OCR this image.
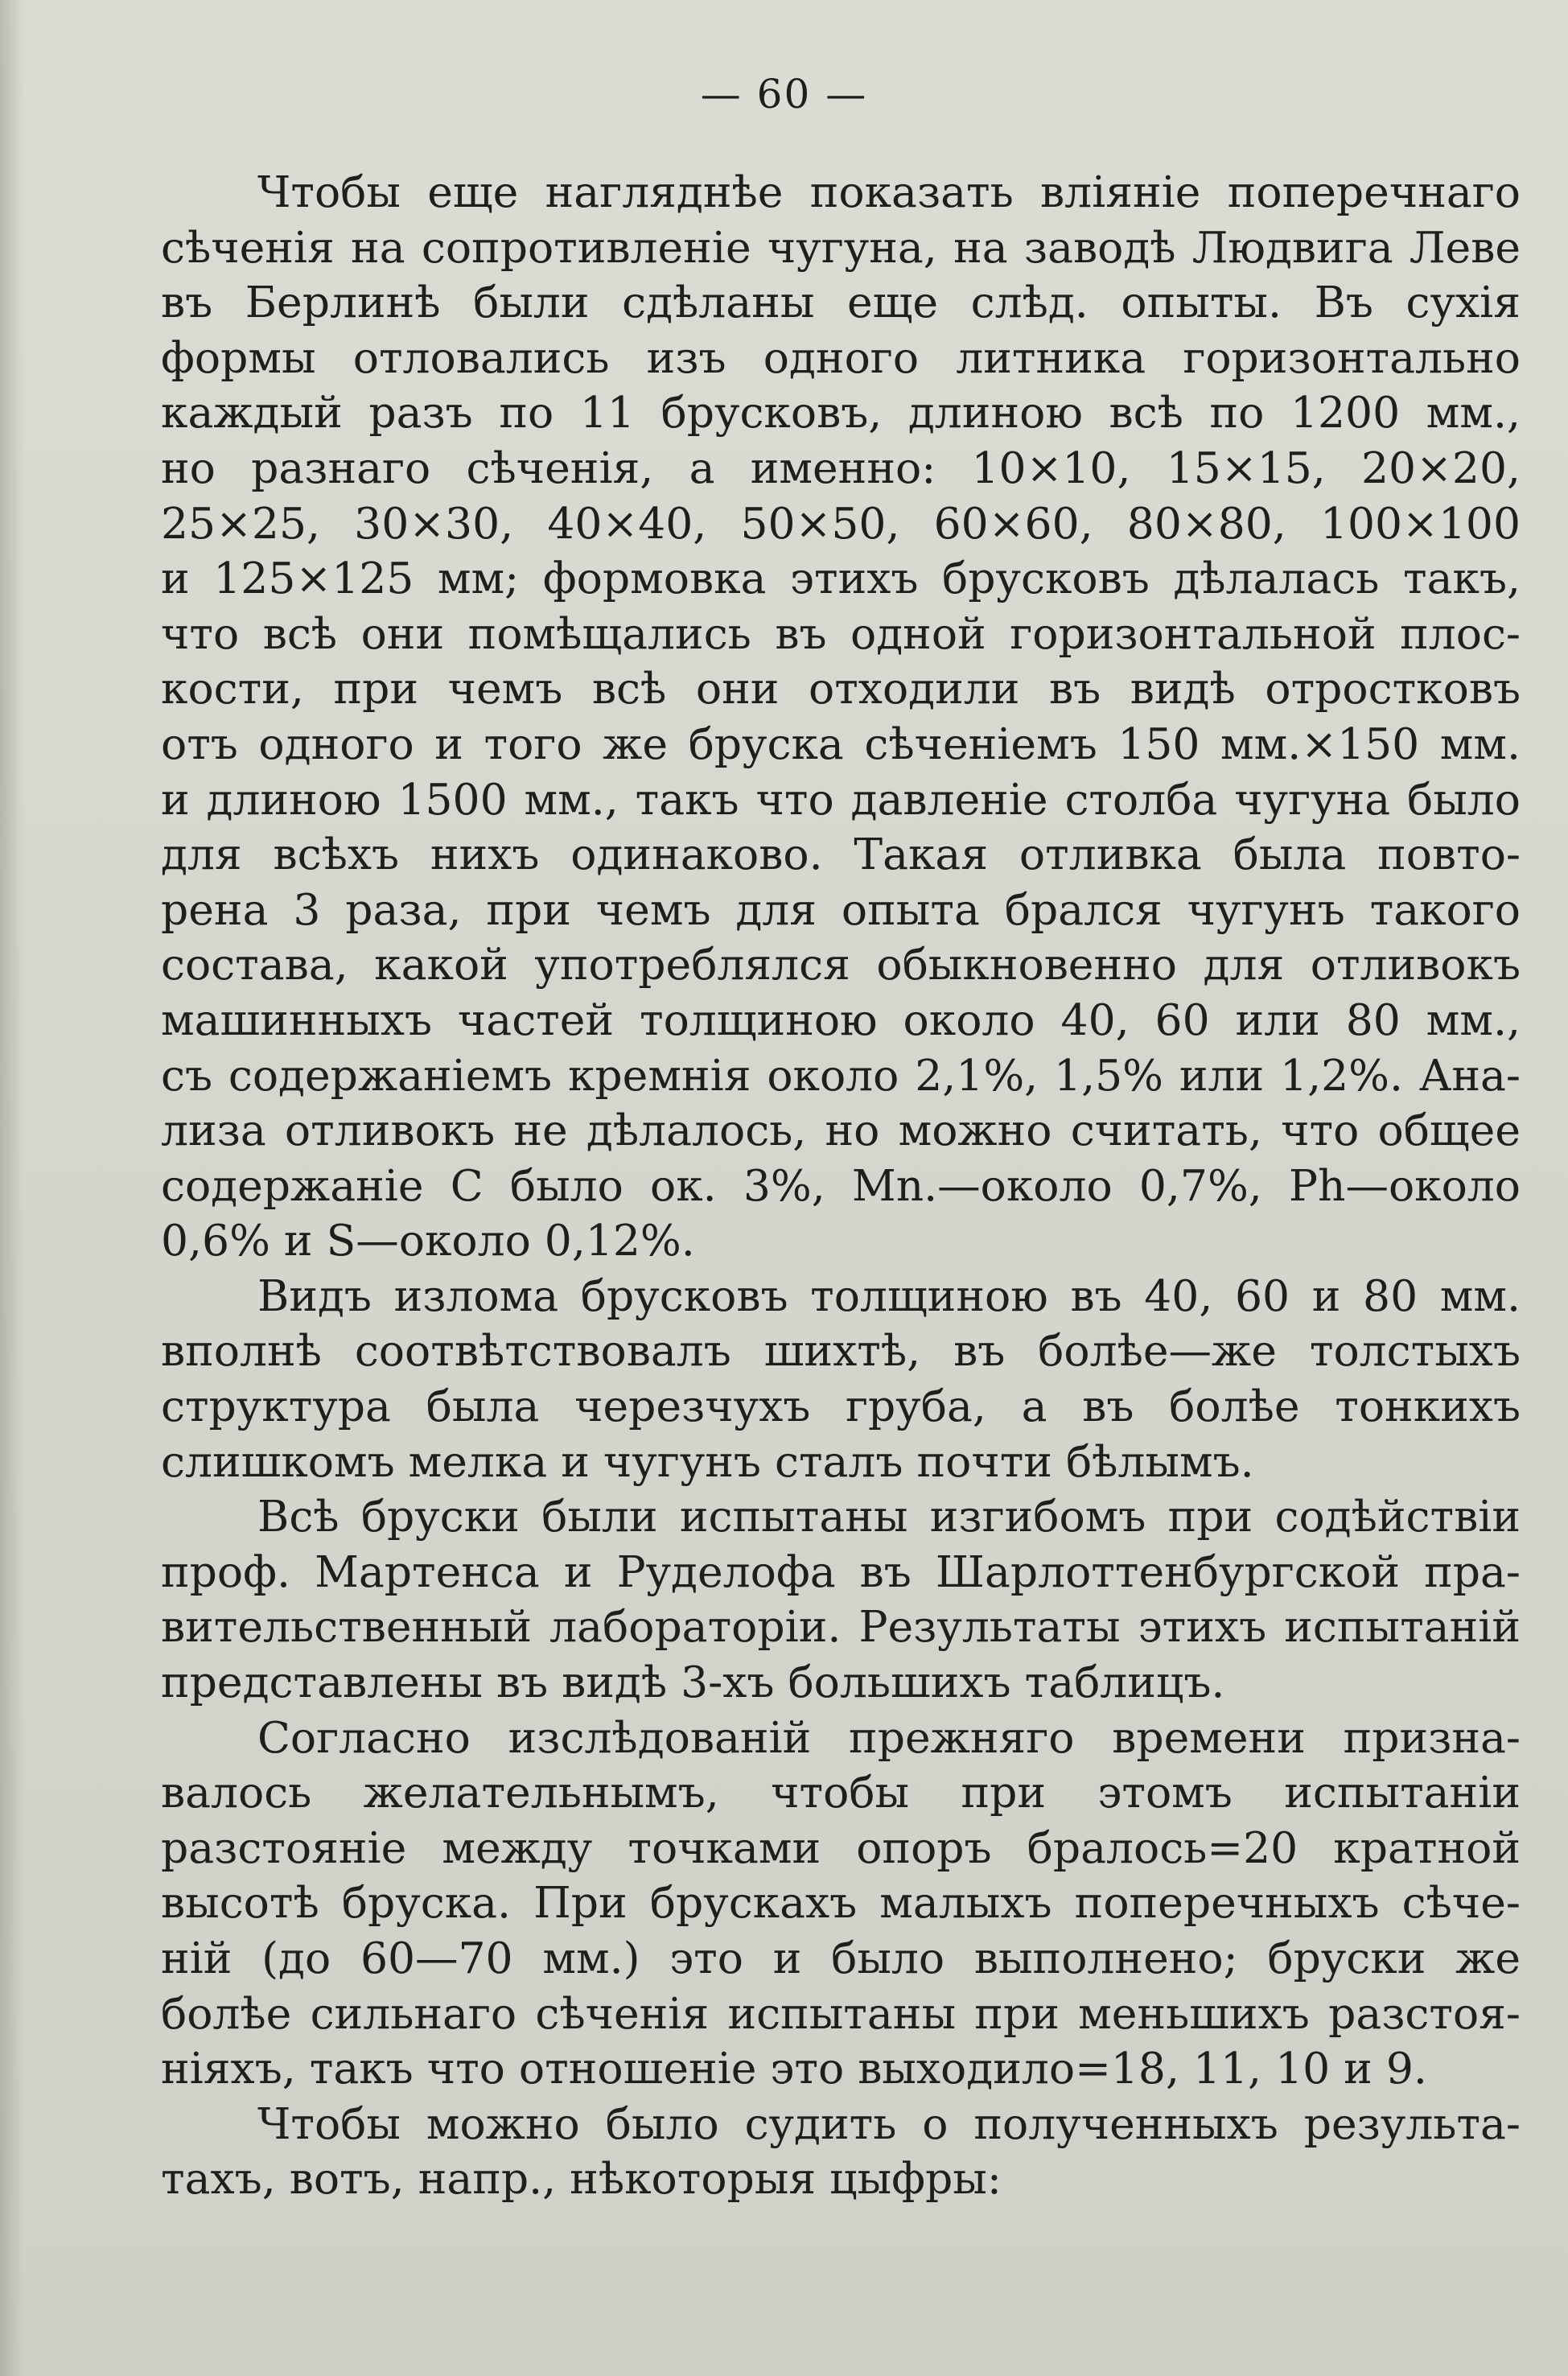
— 60 —

Чтобы еще нагляднѣе показать вліяніе поперечнаго
сѣченія на сопротивленіе чугуна, на заводѣ Людвига Леве
въ Берлинѣ были сдѣланы еще слѣд. опыты. Въ сухія
формы отловались изъ одного литника горизонтально
каждый разъ по 11 брусковъ, длиною всѣ по 1200 мм.,
но разнаго сѣченія, а именно: 10×10, 15×15, 20×20,
25×25, 30×30, 40×40, 50×50, 60×60, 80×80, 100×100
и 125×125 мм; формовка этихъ брусковъ дѣлалась такъ,
что всѣ они помѣщались въ одной горизонтальной плос-
кости, при чемъ всѣ они отходили въ видѣ отростковъ
отъ одного и того же бруска сѣченіемъ 150 мм.×150 мм.
и длиною 1500 мм., такъ что давленіе столба чугуна было
для всѣхъ нихъ одинаково. Такая отливка была повто-
рена 3 раза, при чемъ для опыта брался чугунъ такого
состава, какой употреблялся обыкновенно для отливокъ
машинныхъ частей толщиною около 40, 60 или 80 мм.,
съ содержаніемъ кремнія около 2,1%, 1,5% или 1,2%. Ана-
лиза отливокъ не дѣлалось, но можно считать, что общее
содержаніе С было ок. 3%, Mn.—около 0,7%, Ph—около
0,6% и S—около 0,12%.

Видъ излома брусковъ толщиною въ 40, 60 и 80 мм.
вполнѣ соотвѣтствовалъ шихтѣ, въ болѣе—же толстыхъ
структура была черезчухъ груба, а въ болѣе тонкихъ
слишкомъ мелка и чугунъ сталъ почти бѣлымъ.

Всѣ бруски были испытаны изгибомъ при содѣйствіи
проф. Мартенса и Руделофа въ Шарлоттенбургской пра-
вительственный лабораторіи. Результаты этихъ испытаній
представлены въ видѣ 3-хъ большихъ таблицъ.

Согласно изслѣдованій прежняго времени призна-
валось желательнымъ, чтобы при этомъ испытаніи
разстояніе между точками опоръ бралось=20 кратной
высотѣ бруска. При брускахъ малыхъ поперечныхъ сѣче-
ній (до 60—70 мм.) это и было выполнено; бруски же
болѣе сильнаго сѣченія испытаны при меньшихъ разстоя-
ніяхъ, такъ что отношеніе это выходило=18, 11, 10 и 9.

Чтобы можно было судить о полученныхъ результа-
тахъ, вотъ, напр., нѣкоторыя цыфры:
